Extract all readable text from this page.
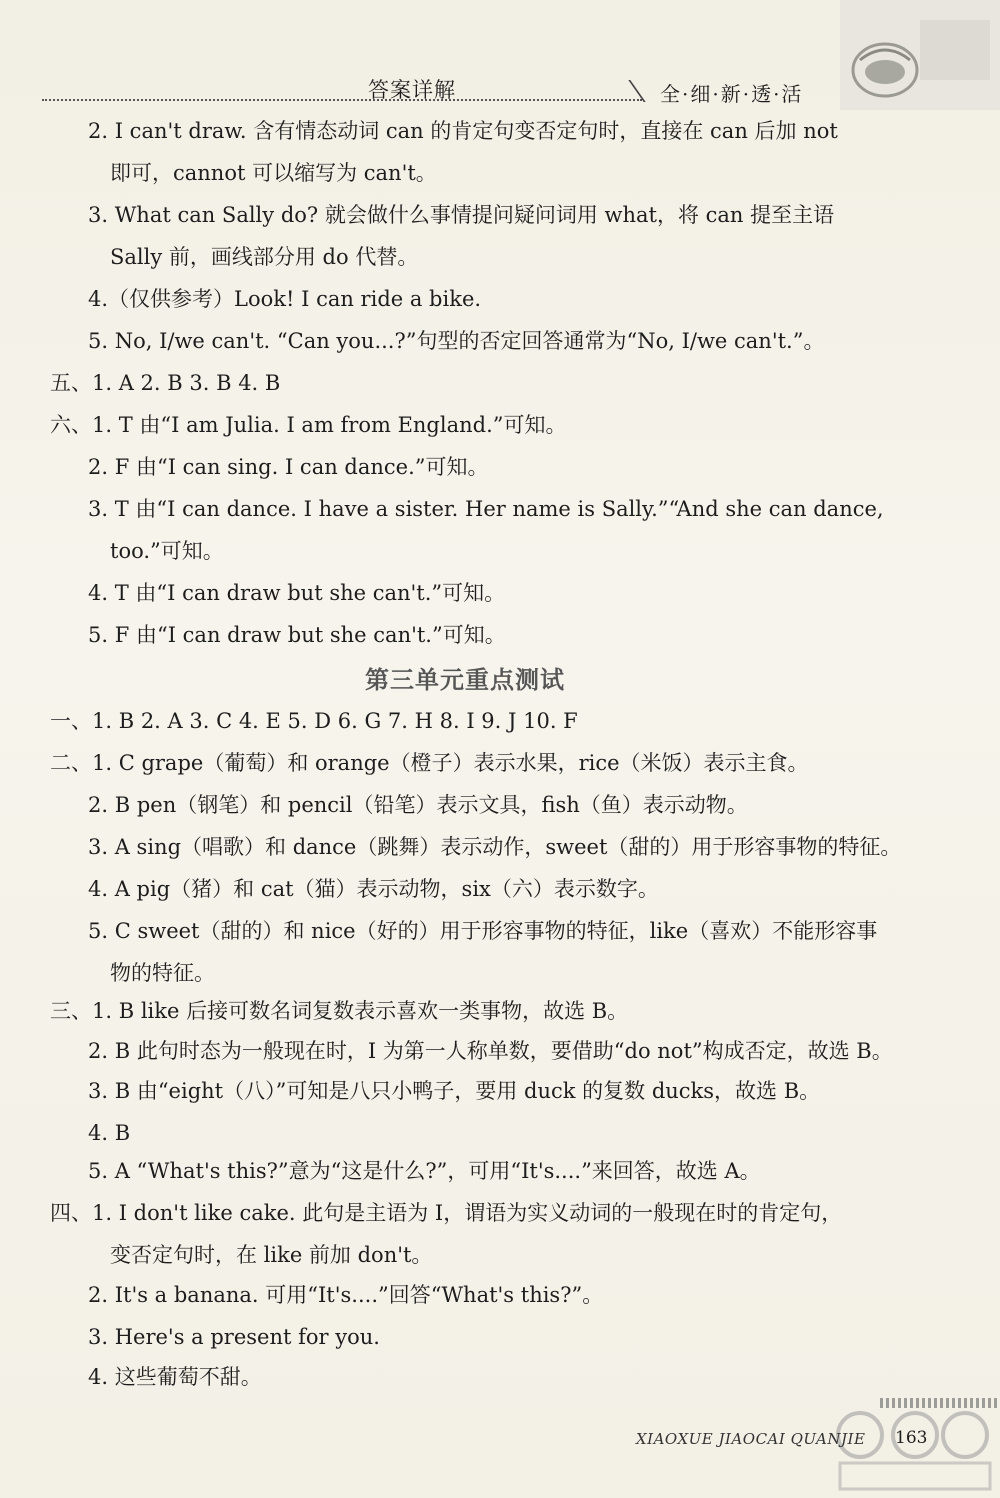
答案详解	全·细·新·透·活
2. I can't draw. 含有情态动词 can 的肯定句变否定句时，直接在 can 后加 not
即可，cannot 可以缩写为 can't。
3. What can Sally do? 就会做什么事情提问疑问词用 what，将 can 提至主语
Sally 前，画线部分用 do 代替。
4.（仅供参考）Look! I can ride a bike.
5. No, I/we can't. “Can you...?”句型的否定回答通常为“No, I/we can't.”。
五、1. A 2. B 3. B 4. B
六、1. T 由“I am Julia. I am from England.”可知。
2. F 由“I can sing. I can dance.”可知。
3. T 由“I can dance. I have a sister. Her name is Sally.”“And she can dance,
too.”可知。
4. T 由“I can draw but she can't.”可知。
5. F 由“I can draw but she can't.”可知。
第三单元重点测试
一、1. B 2. A 3. C 4. E 5. D 6. G 7. H 8. I 9. J 10. F
二、1. C grape（葡萄）和 orange（橙子）表示水果，rice（米饭）表示主食。
2. B pen（钢笔）和 pencil（铅笔）表示文具，fish（鱼）表示动物。
3. A sing（唱歌）和 dance（跳舞）表示动作，sweet（甜的）用于形容事物的特征。
4. A pig（猪）和 cat（猫）表示动物，six（六）表示数字。
5. C sweet（甜的）和 nice（好的）用于形容事物的特征，like（喜欢）不能形容事
物的特征。
三、1. B like 后接可数名词复数表示喜欢一类事物，故选 B。
2. B 此句时态为一般现在时，I 为第一人称单数，要借助“do not”构成否定，故选 B。
3. B 由“eight（八）”可知是八只小鸭子，要用 duck 的复数 ducks，故选 B。
4. B
5. A “What's this?”意为“这是什么?”，可用“It's....”来回答，故选 A。
四、1. I don't like cake. 此句是主语为 I，谓语为实义动词的一般现在时的肯定句，
变否定句时，在 like 前加 don't。
2. It's a banana. 可用“It's....”回答“What's this?”。
3. Here's a present for you.
4. 这些葡萄不甜。
XIAOXUE JIAOCAI QUANJIE 163
